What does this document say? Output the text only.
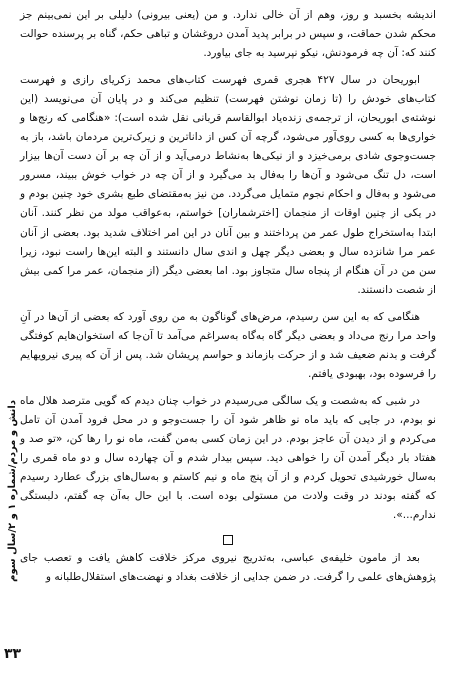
اندیشه بخسبد و روز، وهم از آن خالی ندارد. و من (یعنی بیرونی) دلیلی بر این نمی‌بینم جز محکم شدن حماقت، و سپس در برابر پدید آمدن دروغشان و تباهی حکم، گناه بر پرسنده حوالت کنند که: آن چه فرمودنش، نیکو نپرسید به جای بیاورد.

ابوریحان در سال ۴۲۷ هجری قمری فهرست کتاب‌های محمد زکریای رازی و فهرست کتاب‌های خودش را (تا زمان نوشتن فهرست) تنظیم می‌کند و در پایان آن می‌نویسد (این نوشته‌ی ابوریحان، از ترجمه‌ی زنده‌یاد ابوالقاسم قربانی نقل شده است): «هنگامی که رنج‌ها و خواری‌ها به کسی روی‌آور می‌شود، گرچه آن کس از داناترین و زیرک‌ترین مردمان باشد، باز به جست‌وجوی شادی برمی‌خیزد و از نیکی‌ها به‌نشاط درمی‌آید و از آن چه بر آن دست آن‌ها بیزار است، دل تنگ می‌شود و آن‌ها را به‌فال بد می‌گیرد و از آن چه در خواب خوش ببیند، مسرور می‌شود و به‌فال و احکام نجوم متمایل می‌گردد. من نیز به‌مقتضای طبع بشری خود چنین بودم و در یکی از چنین اوقات از منجمان [اخترشماران] خواستم، به‌عواقب مولد من نظر کنند. آنان ابتدا به‌استخراج طول عمر من پرداختند و بین آنان در این امر اختلاف شدید بود. بعضی از آنان عمر مرا شانزده سال و بعضی دیگر چهل و اندی سال دانستند و البته این‌ها راست نبود، زیرا سن من در آن هنگام از پنجاه سال متجاوز بود. اما بعضی دیگر (از منجمان، عمر مرا کمی بیش از شصت دانستند.

هنگامی که به این سن رسیدم، مرض‌های گوناگون به من روی آورد که بعضی از آن‌ها در آنِ واحد مرا رنج می‌داد و بعضی دیگر گاه به‌گاه به‌سراغم می‌آمد تا آن‌جا که استخوان‌هایم کوفتگی گرفت و بدنم ضعیف شد و از حرکت بازماند و حواسم پریشان شد. پس از آن که پیری نیرویهایم را فرسوده بود، بهبودی یافتم.

در شبی که به‌شصت و یک سالگی می‌رسیدم در خواب چنان دیدم که گویی مترصد هلال ماه نو بودم، در جایی که باید ماه نو ظاهر شود آن را جست‌وجو و در محل فرود آمدن آن تامل می‌کردم و از دیدن آن عاجز بودم. در این زمان کسی به‌من گفت، ماه نو را رها کن، «تو صد و هفتاد بار دیگر آمدن آن را خواهی دید. سپس بیدار شدم و آن چهارده سال و دو ماه قمری را به‌سال خورشیدی تحویل کردم و از آن پنج ماه و نیم کاستم و به‌سال‌های بزرگ عطارد رسیدم که گفته بودند در وقت ولادت من مستولی بوده است. با این حال به‌آن چه گفتم، دلبستگی ندارم...».

بعد از مامون خلیفه‌ی عباسی، به‌تدریج نیروی مرکز خلافت کاهش یافت و تعصب جای پژوهش‌های علمی را گرفت. در ضمن جدایی از خلافت بغداد و نهضت‌های استقلال‌طلبانه و

دانش و مردم/شماره ۱ و ۲/سال سوم
۳۳
